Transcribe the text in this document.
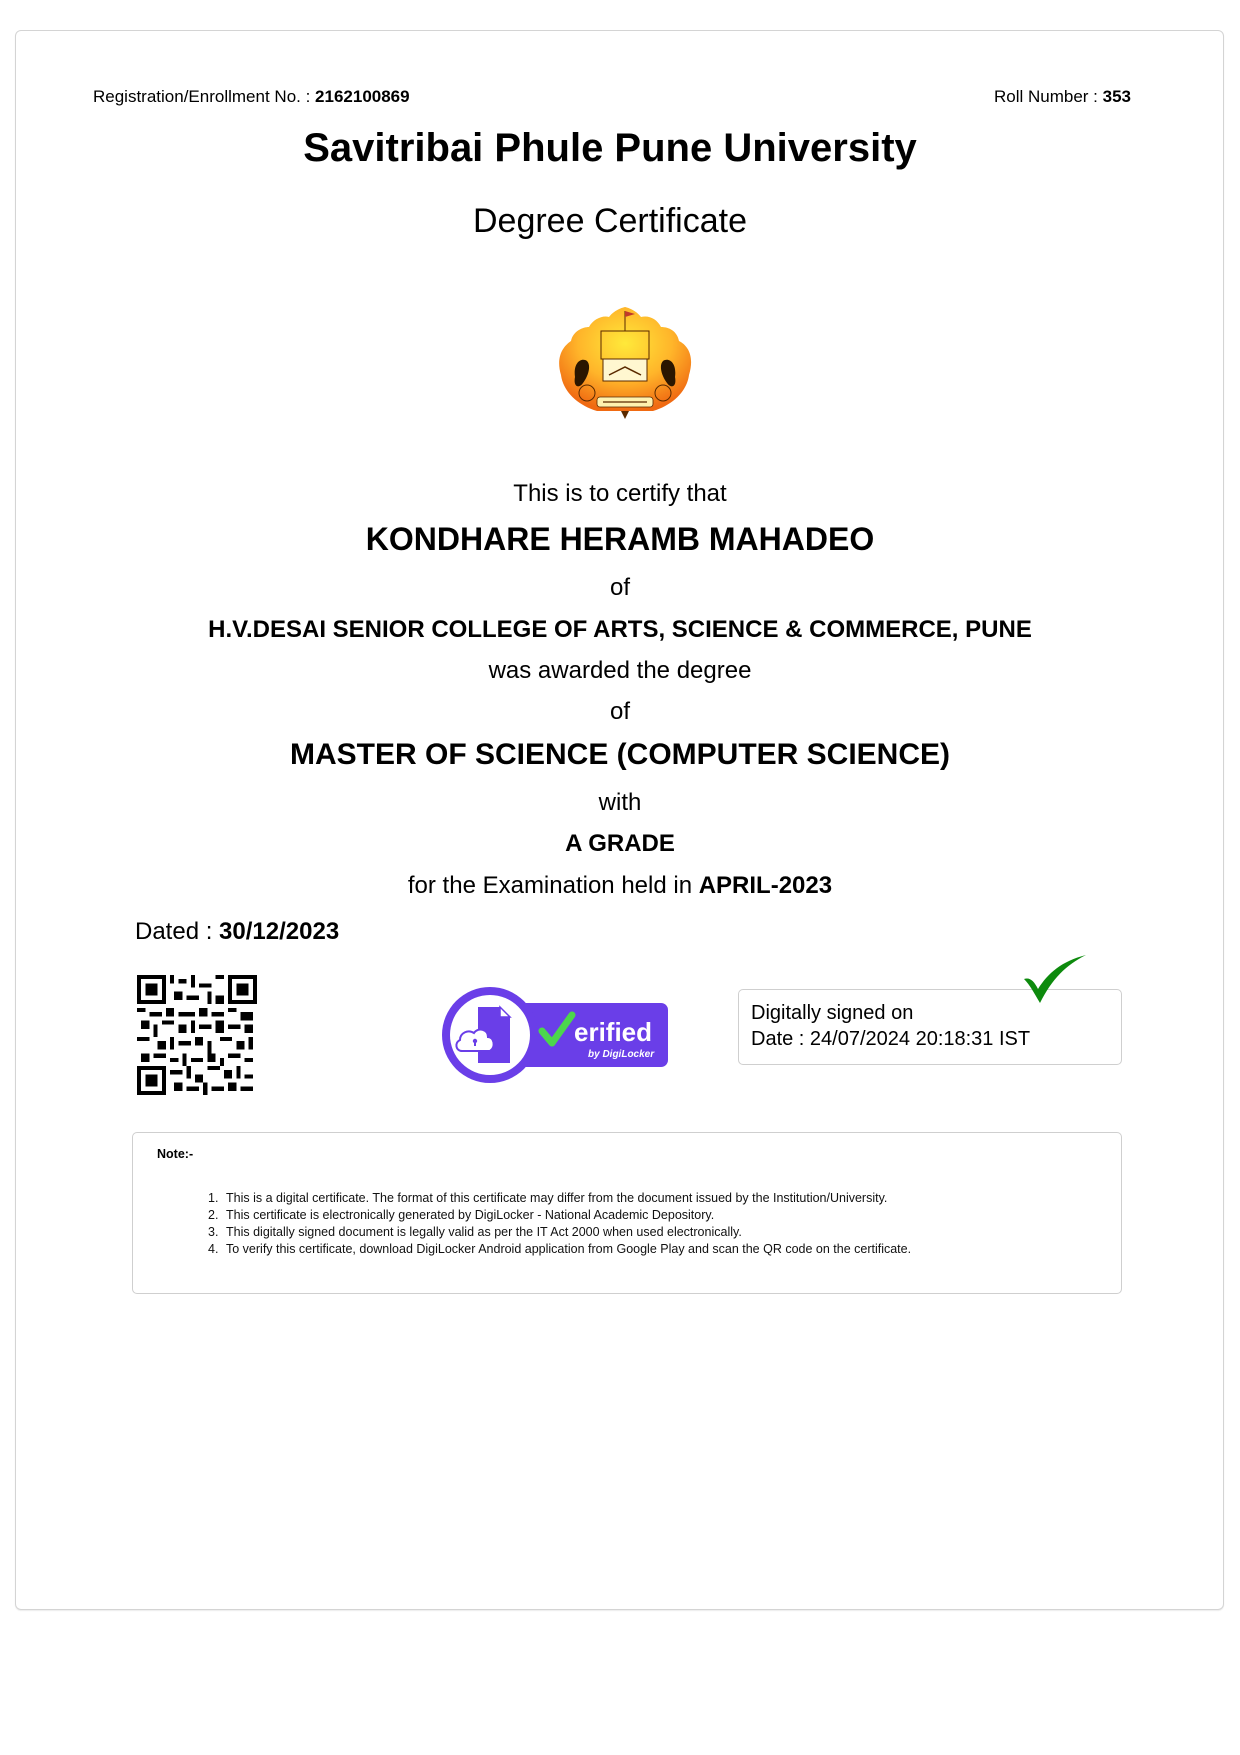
Registration/Enrollment No. : 2162100869	Roll Number : 353
Savitribai Phule Pune University
Degree Certificate
This is to certify that
KONDHARE HERAMB MAHADEO
of
H.V.DESAI SENIOR COLLEGE OF ARTS, SCIENCE & COMMERCE, PUNE
was awarded the degree
of
MASTER OF SCIENCE (COMPUTER SCIENCE)
with
A GRADE
for the Examination held in APRIL-2023
Dated : 30/12/2023
erified
by DigiLocker
Digitally signed on
Date : 24/07/2024 20:18:31 IST
Note:-
1. This is a digital certificate. The format of this certificate may differ from the document issued by the Institution/University.
2. This certificate is electronically generated by DigiLocker - National Academic Depository.
3. This digitally signed document is legally valid as per the IT Act 2000 when used electronically.
4. To verify this certificate, download DigiLocker Android application from Google Play and scan the QR code on the certificate.
